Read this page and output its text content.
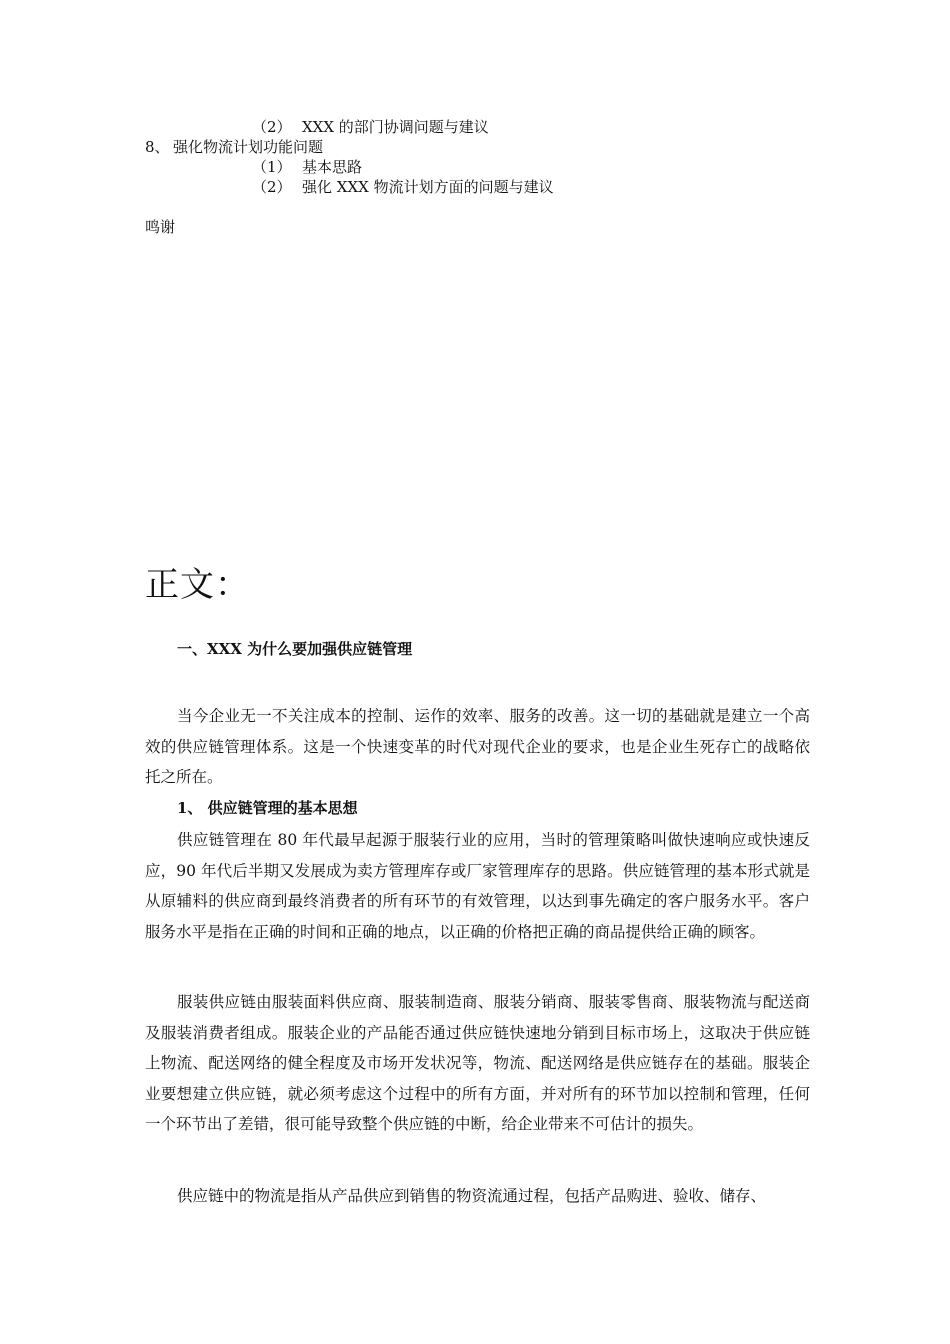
（2） XXX 的部门协调问题与建议
8、 强化物流计划功能问题
（1） 基本思路
（2） 强化 XXX 物流计划方面的问题与建议
鸣谢
正文：
一、XXX 为什么要加强供应链管理

当今企业无一不关注成本的控制、运作的效率、服务的改善。这一切的基础就是建立一个高效的供应链管理体系。这是一个快速变革的时代对现代企业的要求，也是企业生死存亡的战略依托之所在。

1、 供应链管理的基本思想

供应链管理在 80 年代最早起源于服装行业的应用，当时的管理策略叫做快速响应或快速反应，90 年代后半期又发展成为卖方管理库存或厂家管理库存的思路。供应链管理的基本形式就是从原辅料的供应商到最终消费者的所有环节的有效管理，以达到事先确定的客户服务水平。客户服务水平是指在正确的时间和正确的地点，以正确的价格把正确的商品提供给正确的顾客。

服装供应链由服装面料供应商、服装制造商、服装分销商、服装零售商、服装物流与配送商及服装消费者组成。服装企业的产品能否通过供应链快速地分销到目标市场上，这取决于供应链上物流、配送网络的健全程度及市场开发状况等，物流、配送网络是供应链存在的基础。服装企业要想建立供应链，就必须考虑这个过程中的所有方面，并对所有的环节加以控制和管理，任何一个环节出了差错，很可能导致整个供应链的中断，给企业带来不可估计的损失。

供应链中的物流是指从产品供应到销售的物资流通过程，包括产品购进、验收、储存、
